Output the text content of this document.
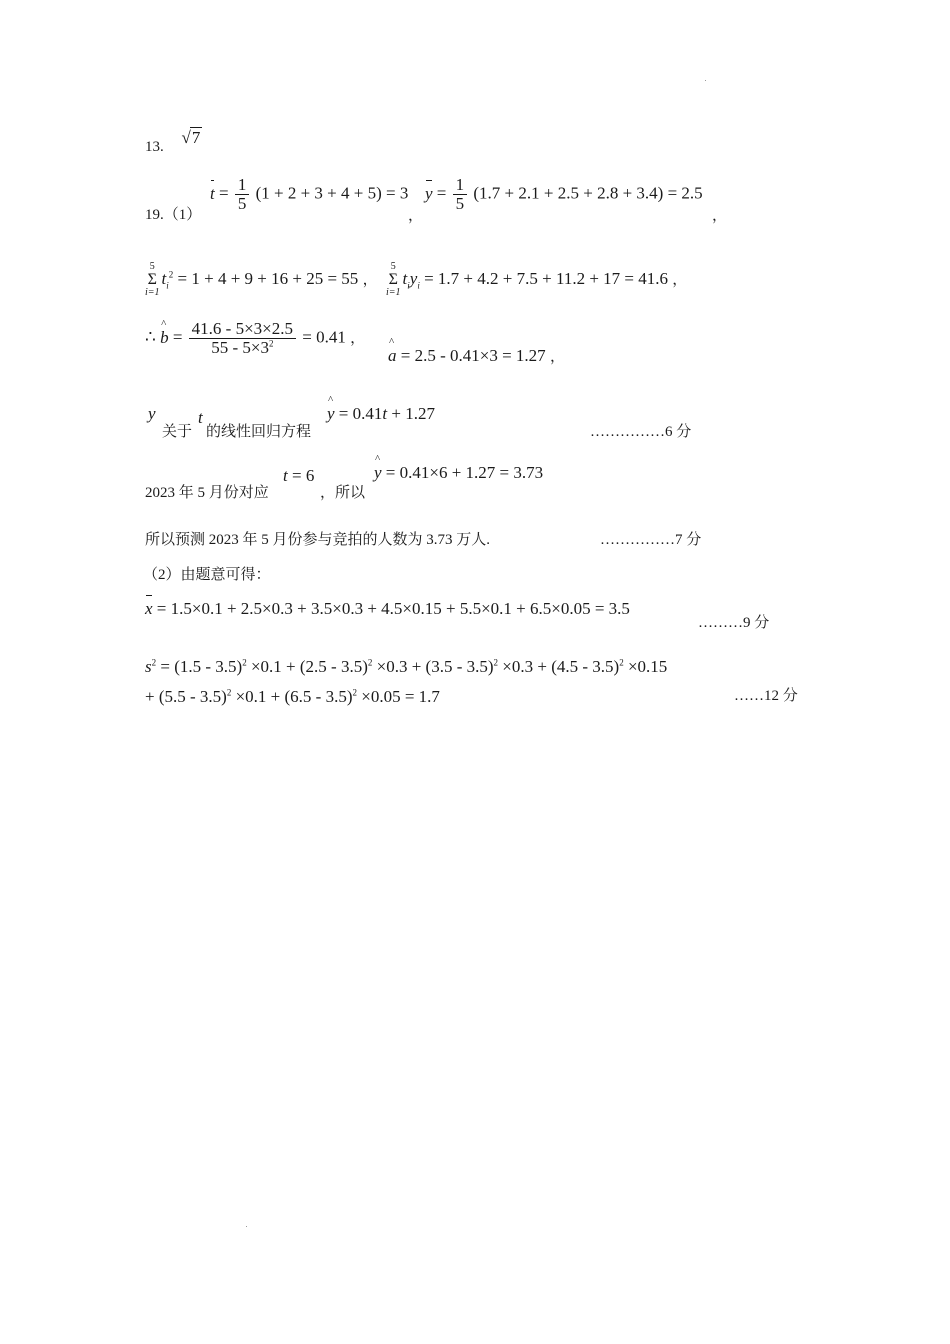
13. √7
19.（1）
$t = \frac{1}{5} (1 + 2 + 3 + 4 + 5) = 3$
，
$y = \frac{1}{5} (1.7 + 2.1 + 2.5 + 2.8 + 3.4) = 2.5$
，
5
Σ
i=1
$t_i^2 = 1 + 4 + 9 + 16 + 25 = 55$ ，
5
Σ
i=1
$t_iy_i = 1.7 + 4.2 + 7.5 + 11.2 + 17 = 41.6$ ，
∴ ^ $b = \frac{41.6 - 5\times 3\times 2.5}{55 - 5\times 3^2} = 0.41$ ，
^ a = 2.5 - 0.41×3 = 1.27 ，
y
关于
t
的线性回归方程
^ y = 0.41t + 1.27
……………6 分
2023 年 5 月份对应
t = 6
，所以
^ y = 0.41×6 + 1.27 = 3.73
所以预测 2023 年 5 月份参与竞拍的人数为 3.73 万人.	……………7 分
（2）由题意可得：
x = 1.5×0.1 + 2.5×0.3 + 3.5×0.3 + 4.5×0.15 + 5.5×0.1 + 6.5×0.05 = 3.5
………9 分
$s^2 = (1.5 - 3.5)^2 \times 0.1 + (2.5 - 3.5)^2 \times 0.3 + (3.5 - 3.5)^2 \times 0.3 + (4.5 - 3.5)^2 \times 0.15$
+ (5.5 - 3.5)$^2$ ×0.1 + (6.5 - 3.5)$^2$ ×0.05 = 1.7	……12 分
